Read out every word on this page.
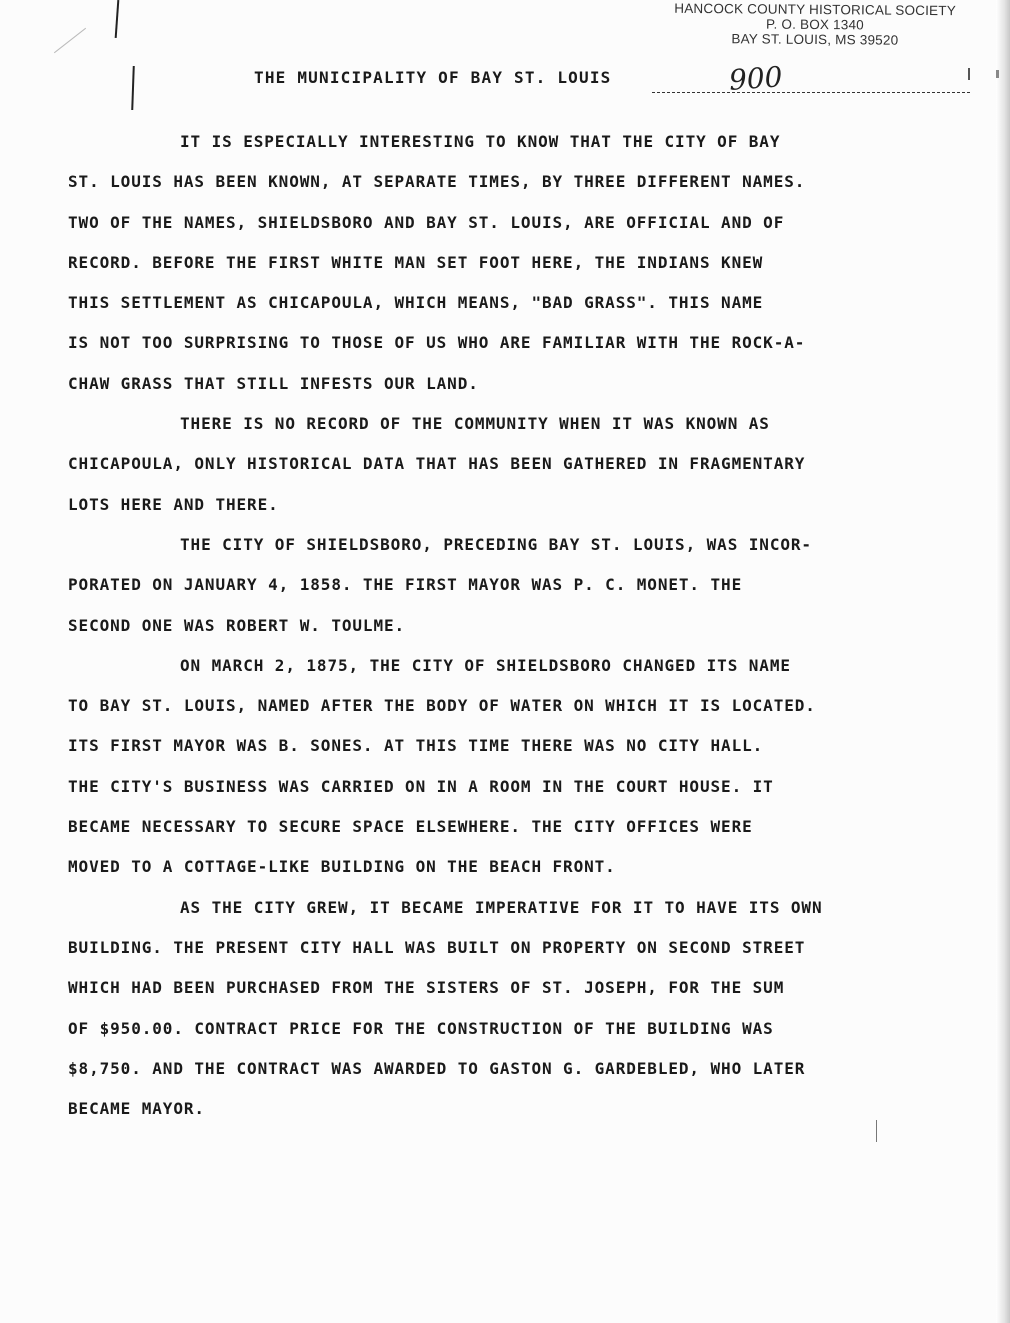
HANCOCK COUNTY HISTORICAL SOCIETY
P. O. BOX 1340
BAY ST. LOUIS, MS 39520
THE MUNICIPALITY OF BAY ST. LOUIS	900
IT IS ESPECIALLY INTERESTING TO KNOW THAT THE CITY OF BAY
ST. LOUIS HAS BEEN KNOWN, AT SEPARATE TIMES, BY THREE DIFFERENT NAMES.
TWO OF THE NAMES, SHIELDSBORO AND BAY ST. LOUIS, ARE OFFICIAL AND OF
RECORD. BEFORE THE FIRST WHITE MAN SET FOOT HERE, THE INDIANS KNEW
THIS SETTLEMENT AS CHICAPOULA, WHICH MEANS, "BAD GRASS". THIS NAME
IS NOT TOO SURPRISING TO THOSE OF US WHO ARE FAMILIAR WITH THE ROCK-A-
CHAW GRASS THAT STILL INFESTS OUR LAND.
THERE IS NO RECORD OF THE COMMUNITY WHEN IT WAS KNOWN AS
CHICAPOULA, ONLY HISTORICAL DATA THAT HAS BEEN GATHERED IN FRAGMENTARY
LOTS HERE AND THERE.
THE CITY OF SHIELDSBORO, PRECEDING BAY ST. LOUIS, WAS INCOR-
PORATED ON JANUARY 4, 1858. THE FIRST MAYOR WAS P. C. MONET. THE
SECOND ONE WAS ROBERT W. TOULME.
ON MARCH 2, 1875, THE CITY OF SHIELDSBORO CHANGED ITS NAME
TO BAY ST. LOUIS, NAMED AFTER THE BODY OF WATER ON WHICH IT IS LOCATED.
ITS FIRST MAYOR WAS B. SONES. AT THIS TIME THERE WAS NO CITY HALL.
THE CITY'S BUSINESS WAS CARRIED ON IN A ROOM IN THE COURT HOUSE. IT
BECAME NECESSARY TO SECURE SPACE ELSEWHERE. THE CITY OFFICES WERE
MOVED TO A COTTAGE-LIKE BUILDING ON THE BEACH FRONT.
AS THE CITY GREW, IT BECAME IMPERATIVE FOR IT TO HAVE ITS OWN
BUILDING. THE PRESENT CITY HALL WAS BUILT ON PROPERTY ON SECOND STREET
WHICH HAD BEEN PURCHASED FROM THE SISTERS OF ST. JOSEPH, FOR THE SUM
OF $950.00. CONTRACT PRICE FOR THE CONSTRUCTION OF THE BUILDING WAS
$8,750. AND THE CONTRACT WAS AWARDED TO GASTON G. GARDEBLED, WHO LATER
BECAME MAYOR.
